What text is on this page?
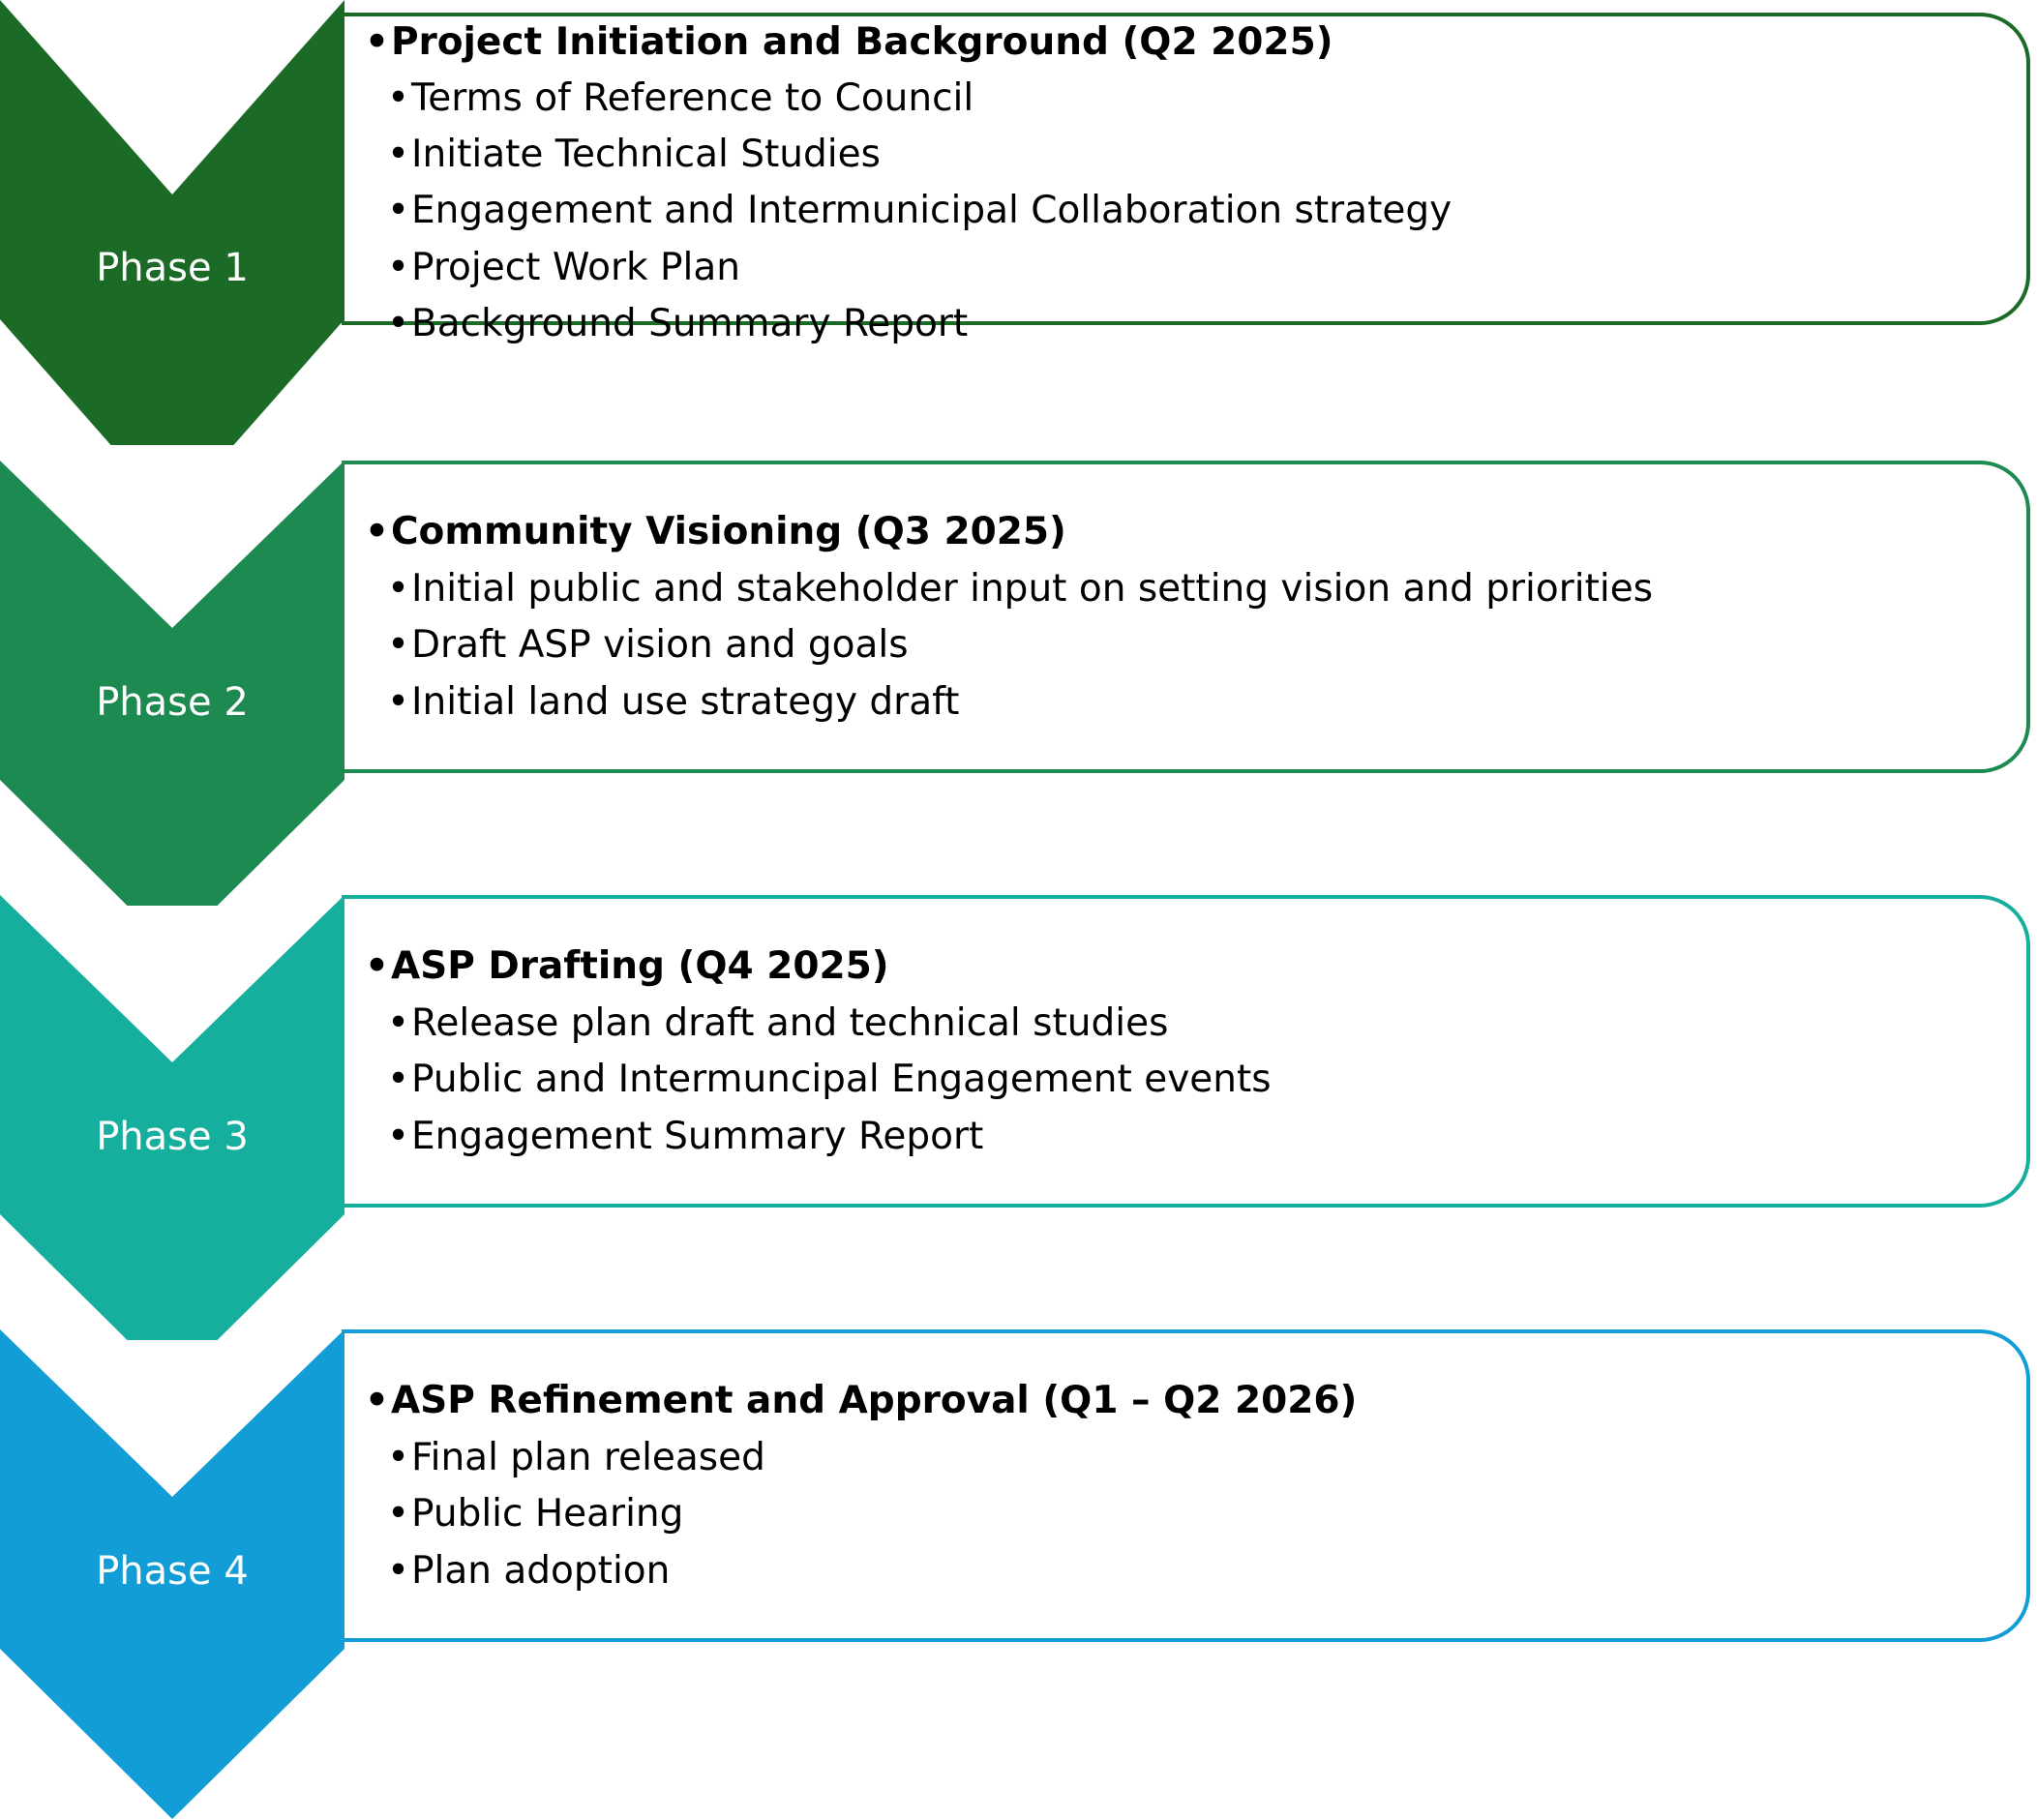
Phase 1
•Project Initiation and Background (Q2 2025)
•Terms of Reference to Council
•Initiate Technical Studies
•Engagement and Intermunicipal Collaboration strategy
•Project Work Plan
•Background Summary Report
Phase 2
•Community Visioning (Q3 2025)
•Initial public and stakeholder input on setting vision and priorities
•Draft ASP vision and goals
•Initial land use strategy draft
Phase 3
•ASP Drafting (Q4 2025)
•Release plan draft and technical studies
•Public and Intermuncipal Engagement events
•Engagement Summary Report
Phase 4
•ASP Refinement and Approval (Q1 – Q2 2026)
•Final plan released
•Public Hearing
•Plan adoption
